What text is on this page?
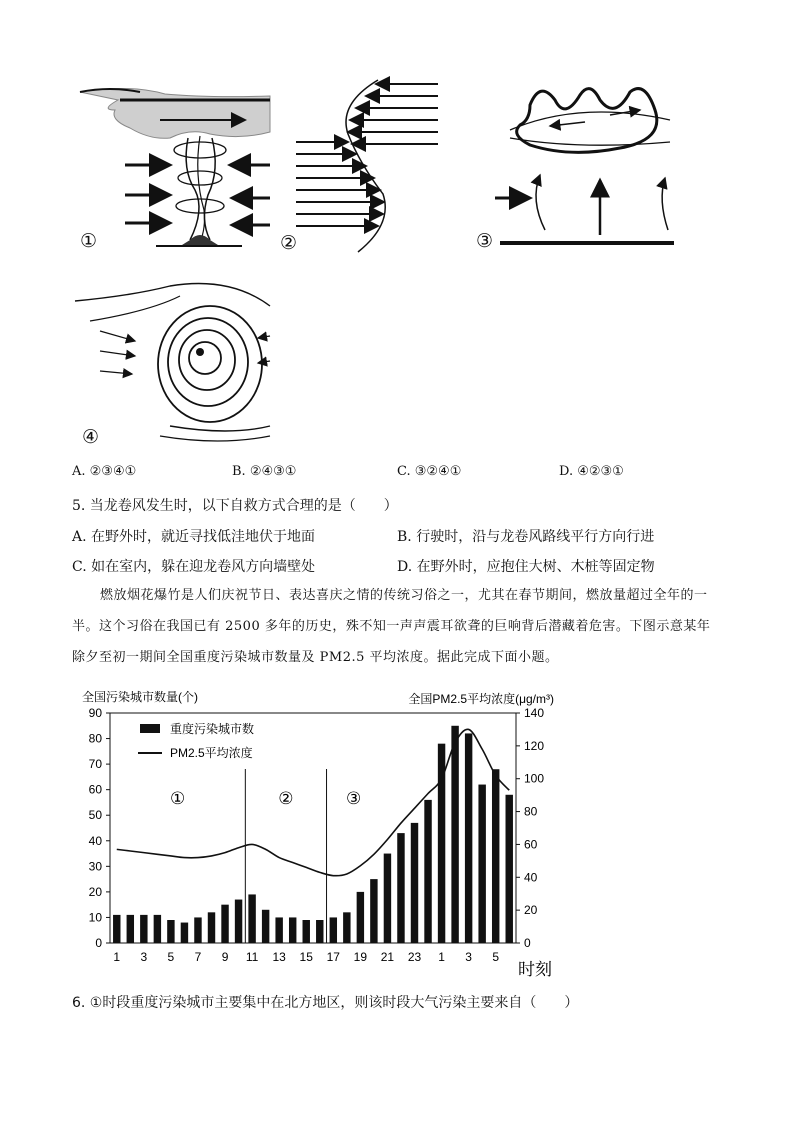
①	②	③
④
A. ②③④①	B. ②④③①	C. ③②④①	D. ④②③①
5. 当龙卷风发生时，以下自救方式合理的是（　　）
A. 在野外时，就近寻找低洼地伏于地面	B. 行驶时，沿与龙卷风路线平行方向行进
C. 如在室内，躲在迎龙卷风方向墙壁处	D. 在野外时，应抱住大树、木桩等固定物
燃放烟花爆竹是人们庆祝节日、表达喜庆之情的传统习俗之一，尤其在春节期间，燃放量超过全年的一半。这个习俗在我国已有 2500 多年的历史，殊不知一声声震耳欲聋的巨响背后潜藏着危害。下图示意某年除夕至初一期间全国重度污染城市数量及 PM2.5 平均浓度。据此完成下面小题。
全国污染城市数量(个)	全国PM2.5平均浓度(μg/m³)
0
10
20
30
40
50
60
70
80
90
0
20
40
60
80
100
120
140
①	②	③
重度污染城市数
PM2.5平均浓度
1 3 5 7 9 11 13 15 17 19 21 23 1 3 5
时刻
6. ①时段重度污染城市主要集中在北方地区，则该时段大气污染主要来自（　　）
